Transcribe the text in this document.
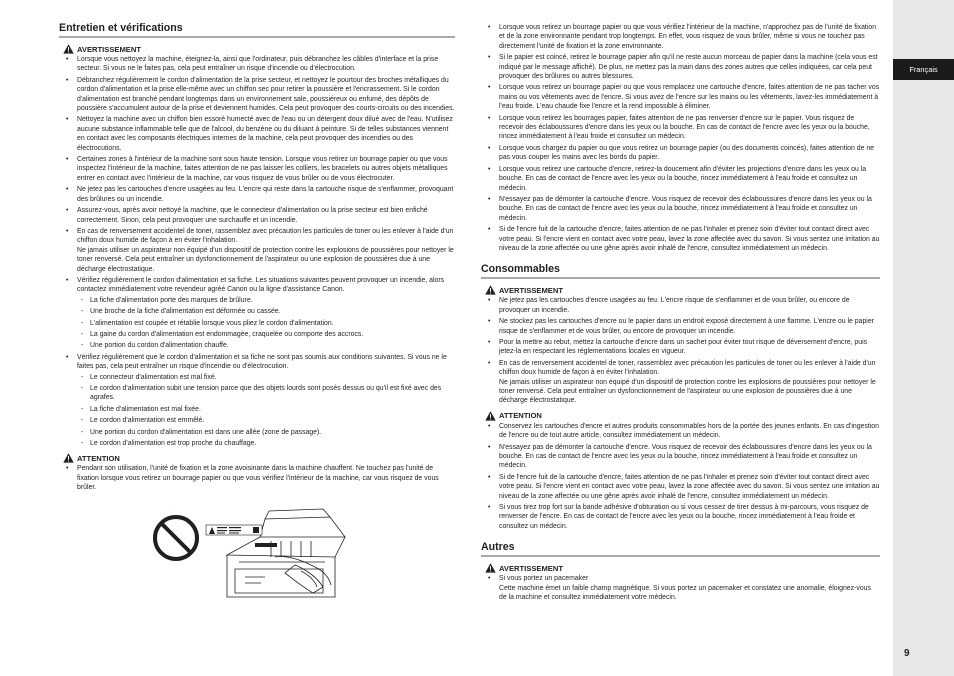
Français
9
Entretien et vérifications
AVERTISSEMENT
• Lorsque vous nettoyez la machine, éteignez-la, ainsi que l'ordinateur, puis débranchez les câbles d'interface et la prise secteur. Si vous ne le faites pas, cela peut entraîner un risque d'incendie ou d'électrocution.
• Débranchez régulièrement le cordon d'alimentation de la prise secteur, et nettoyez le pourtour des broches métalliques du cordon d'alimentation et la prise elle-même avec un chiffon sec pour retirer la poussière et l'encrassement. Si le cordon d'alimentation est branché pendant longtemps dans un environnement sale, poussiéreux ou enfumé, des dépôts de poussière s'accumulent autour de la prise et deviennent humides. Cela peut provoquer des courts-circuits ou des incendies.
• Nettoyez la machine avec un chiffon bien essoré humecté avec de l'eau ou un détergent doux dilué avec de l'eau. N'utilisez aucune substance inflammable telle que de l'alcool, du benzène ou du diluant à peinture. Si de telles substances viennent en contact avec les composants électriques internes de la machine, cela peut provoquer des incendies ou des électrocutions.
• Certaines zones à l'intérieur de la machine sont sous haute tension. Lorsque vous retirez un bourrage papier ou que vous inspectez l'intérieur de la machine, faites attention de ne pas laisser les colliers, les bracelets ou autres objets métalliques entrer en contact avec l'intérieur de la machine, car vous risquez de vous brûler ou de vous électrocuter.
• Ne jetez pas les cartouches d'encre usagées au feu. L'encre qui reste dans la cartouche risque de s'enflammer, provoquant des brûlures ou un incendie.
• Assurez-vous, après avoir nettoyé la machine, que le connecteur d'alimentation ou la prise secteur est bien enfiché correctement. Sinon, cela peut provoquer une surchauffe et un incendie.
• En cas de renversement accidentel de toner, rassemblez avec précaution les particules de toner ou les enlever à l'aide d'un chiffon doux humide de façon à en éviter l'inhalation.
Ne jamais utiliser un aspirateur non équipé d'un dispositif de protection contre les explosions de poussières pour nettoyer le toner renversé. Cela peut entraîner un dysfonctionnement de l'aspirateur ou une explosion de poussières due à une décharge électrostatique.
• Vérifiez régulièrement le cordon d'alimentation et sa fiche. Les situations suivantes peuvent provoquer un incendie, alors contactez immédiatement votre revendeur agréé Canon ou la ligne d'assistance Canon.
- La fiche d'alimentation porte des marques de brûlure.
- Une broche de la fiche d'alimentation est déformée ou cassée.
- L'alimentation est coupée et rétablie lorsque vous pliez le cordon d'alimentation.
- La gaine du cordon d'alimentation est endommagée, craquelée ou comporte des accrocs.
- Une portion du cordon d'alimentation chauffe.
• Vérifiez régulièrement que le cordon d'alimentation et sa fiche ne sont pas soumis aux conditions suivantes. Si vous ne le faites pas, cela peut entraîner un risque d'incendie ou d'électrocution.
- Le connecteur d'alimentation est mal fixé.
- Le cordon d'alimentation subit une tension parce que des objets lourds sont posés dessus ou qu'il est fixé avec des agrafes.
- La fiche d'alimentation est mal fixée.
- Le cordon d'alimentation est emmêlé.
- Une portion du cordon d'alimentation est dans une allée (zone de passage).
- Le cordon d'alimentation est trop proche du chauffage.
ATTENTION
• Pendant son utilisation, l'unité de fixation et la zone avoisinante dans la machine chauffent. Ne touchez pas l'unité de fixation lorsque vous retirez un bourrage papier ou que vous vérifiez l'intérieur de la machine, car vous risquez de vous brûler.
• Lorsque vous retirez un bourrage papier ou que vous vérifiez l'intérieur de la machine, n'approchez pas de l'unité de fixation et de la zone environnante pendant trop longtemps. En effet, vous risquez de vous brûler, même si vous ne touchez pas directement l'unité de fixation et la zone environnante.
• Si le papier est coincé, retirez le bourrage papier afin qu'il ne reste aucun morceau de papier dans la machine (cela vous est indiqué par le message affiché). De plus, ne mettez pas la main dans des zones autres que celles indiquées, car cela peut provoquer des brûlures ou autres blessures.
• Lorsque vous retirez un bourrage papier ou que vous remplacez une cartouche d'encre, faites attention de ne pas tacher vos mains ou vos vêtements avec de l'encre. Si vous avez de l'encre sur les mains ou les vêtements, lavez-les immédiatement à l'eau froide. L'eau chaude fixe l'encre et la rend impossible à éliminer.
• Lorsque vous retirez les bourrages papier, faites attention de ne pas renverser d'encre sur le papier. Vous risquez de recevoir des éclaboussures d'encre dans les yeux ou la bouche. En cas de contact de l'encre avec les yeux ou la bouche, rincez immédiatement à l'eau froide et consultez un médecin.
• Lorsque vous chargez du papier ou que vous retirez un bourrage papier (ou des documents coincés), faites attention de ne pas vous couper les mains avec les bords du papier.
• Lorsque vous retirez une cartouche d'encre, retirez-la doucement afin d'éviter les projections d'encre dans les yeux ou la bouche. En cas de contact de l'encre avec les yeux ou la bouche, rincez immédiatement à l'eau froide et consultez un médecin.
• N'essayez pas de démonter la cartouche d'encre. Vous risquez de recevoir des éclaboussures d'encre dans les yeux ou la bouche. En cas de contact de l'encre avec les yeux ou la bouche, rincez immédiatement à l'eau froide et consultez un médecin.
• Si de l'encre fuit de la cartouche d'encre, faites attention de ne pas l'inhaler et prenez soin d'éviter tout contact direct avec votre peau. Si l'encre vient en contact avec votre peau, lavez la zone affectée avec du savon. Si vous sentez une irritation au niveau de la zone affectée ou une gêne après avoir inhalé de l'encre, consultez immédiatement un médecin.
Consommables
AVERTISSEMENT
• Ne jetez pas les cartouches d'encre usagées au feu. L'encre risque de s'enflammer et de vous brûler, ou encore de provoquer un incendie.
• Ne stockez pas les cartouches d'encre ou le papier dans un endroit exposé directement à une flamme. L'encre ou le papier risque de s'enflammer et de vous brûler, ou encore de provoquer un incendie.
• Pour la mettre au rebut, mettez la cartouche d'encre dans un sachet pour éviter tout risque de déversement d'encre, puis jetez-la en respectant les réglementations locales en vigueur.
• En cas de renversement accidentel de toner, rassemblez avec précaution les particules de toner ou les enlever à l'aide d'un chiffon doux humide de façon à en éviter l'inhalation.
Ne jamais utiliser un aspirateur non équipé d'un dispositif de protection contre les explosions de poussières pour nettoyer le toner renversé. Cela peut entraîner un dysfonctionnement de l'aspirateur ou une explosion de poussières due à une décharge électrostatique.
ATTENTION
• Conservez les cartouches d'encre et autres produits consommables hors de la portée des jeunes enfants. En cas d'ingestion de l'encre ou de tout autre article, consultez immédiatement un médecin.
• N'essayez pas de démonter la cartouche d'encre. Vous risquez de recevoir des éclaboussures d'encre dans les yeux ou la bouche. En cas de contact de l'encre avec les yeux ou la bouche, rincez immédiatement à l'eau froide et consultez un médecin.
• Si de l'encre fuit de la cartouche d'encre, faites attention de ne pas l'inhaler et prenez soin d'éviter tout contact direct avec votre peau. Si l'encre vient en contact avec votre peau, lavez la zone affectée avec du savon. Si vous sentez une irritation au niveau de la zone affectée ou une gêne après avoir inhalé de l'encre, consultez immédiatement un médecin.
• Si vous tirez trop fort sur la bande adhésive d'obturation ou si vous cessez de tirer dessus à mi-parcours, vous risquez de renverser de l'encre. En cas de contact de l'encre avec les yeux ou la bouche, rincez immédiatement à l'eau froide et consultez un médecin.
Autres
AVERTISSEMENT
• Si vous portez un pacemaker
Cette machine émet un faible champ magnétique. Si vous portez un pacemaker et constatez une anomalie, éloignez-vous de la machine et consultez immédiatement votre médecin.
